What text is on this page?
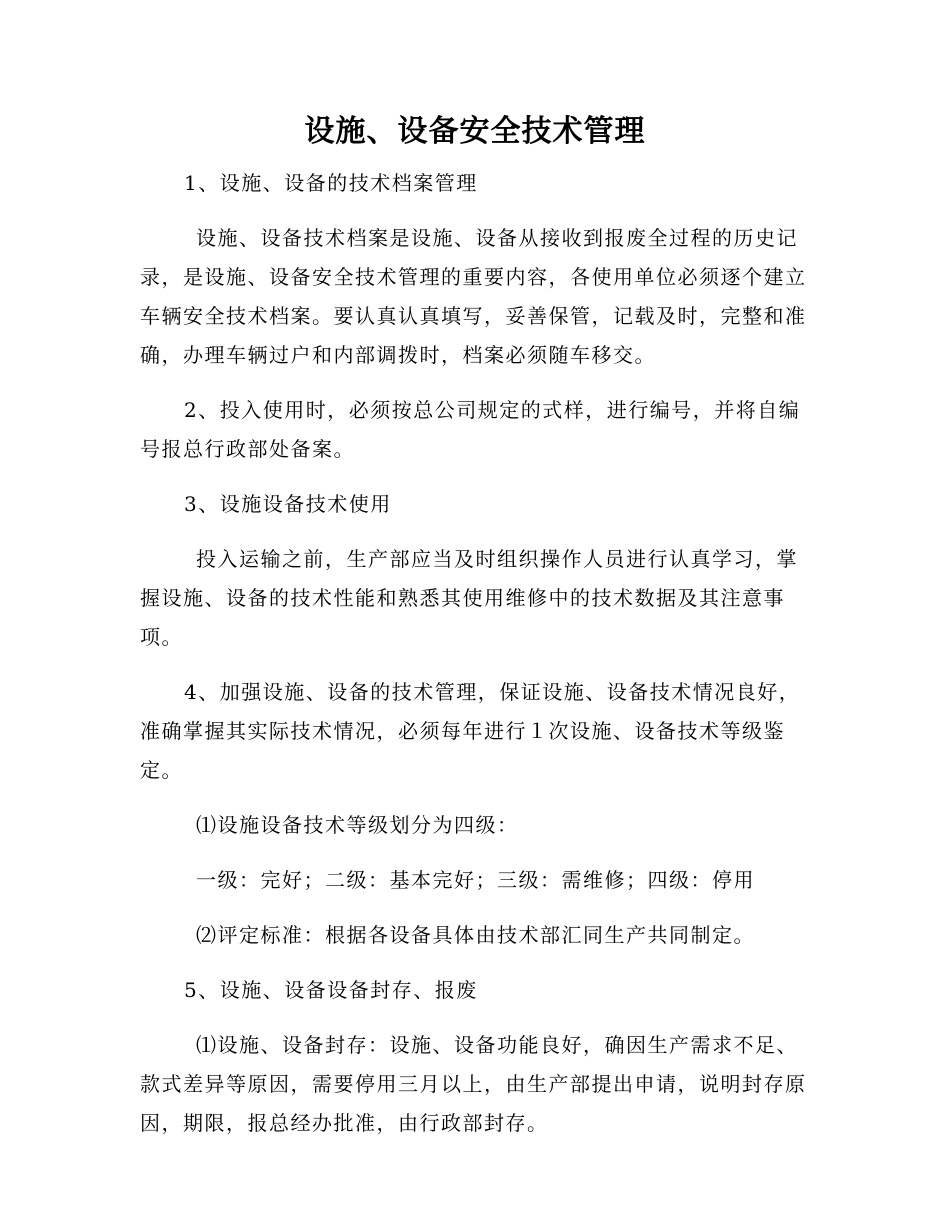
设施、设备安全技术管理

1、设施、设备的技术档案管理

设施、设备技术档案是设施、设备从接收到报废全过程的历史记录，是设施、设备安全技术管理的重要内容，各使用单位必须逐个建立车辆安全技术档案。要认真认真填写，妥善保管，记载及时，完整和准确，办理车辆过户和内部调拨时，档案必须随车移交。

2、投入使用时，必须按总公司规定的式样，进行编号，并将自编号报总行政部处备案。

3、设施设备技术使用

投入运输之前，生产部应当及时组织操作人员进行认真学习，掌握设施、设备的技术性能和熟悉其使用维修中的技术数据及其注意事项。

4、加强设施、设备的技术管理，保证设施、设备技术情况良好，准确掌握其实际技术情况，必须每年进行１次设施、设备技术等级鉴定。

⑴设施设备技术等级划分为四级：

一级：完好；二级：基本完好；三级：需维修；四级：停用

⑵评定标准：根据各设备具体由技术部汇同生产共同制定。

5、设施、设备设备封存、报废

⑴设施、设备封存：设施、设备功能良好，确因生产需求不足、款式差异等原因，需要停用三月以上，由生产部提出申请，说明封存原因，期限，报总经办批准，由行政部封存。
